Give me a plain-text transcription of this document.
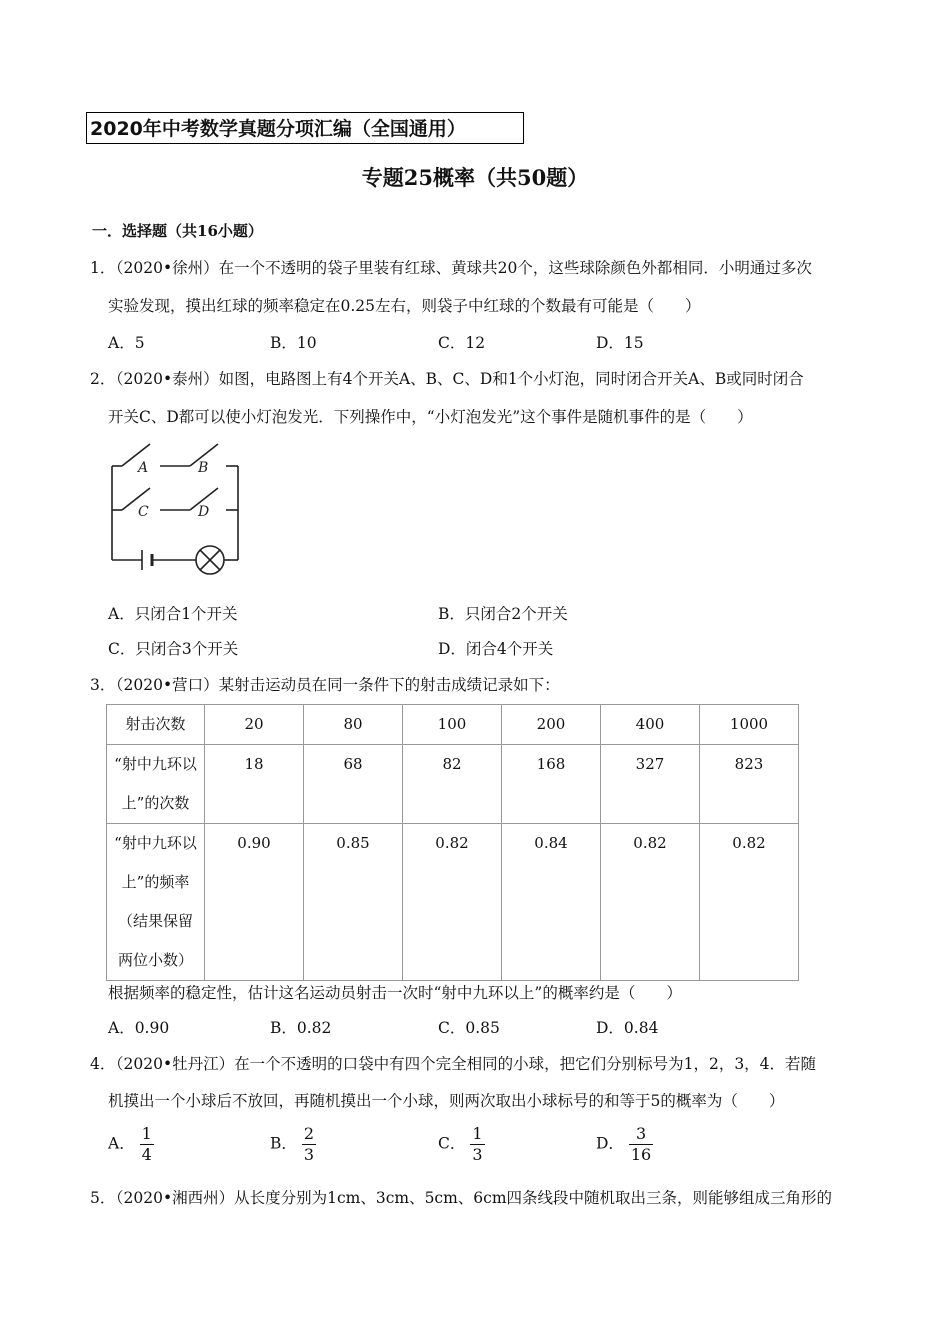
2020年中考数学真题分项汇编（全国通用）
专题25概率（共50题）
一．选择题（共16小题）
1．（2020•徐州）在一个不透明的袋子里装有红球、黄球共20个，这些球除颜色外都相同．小明通过多次
实验发现，摸出红球的频率稳定在0.25左右，则袋子中红球的个数最有可能是（　　）
A．5	B．10	C．12	D．15
2．（2020•泰州）如图，电路图上有4个开关A、B、C、D和1个小灯泡，同时闭合开关A、B或同时闭合
开关C、D都可以使小灯泡发光．下列操作中，“小灯泡发光”这个事件是随机事件的是（　　）
A	B
C	D
A．只闭合1个开关	B．只闭合2个开关
C．只闭合3个开关	D．闭合4个开关
3．（2020•营口）某射击运动员在同一条件下的射击成绩记录如下：
射击次数	20	80	100	200	400	1000

“射中九环以
上”的次数	18	68	82	168	327	823

“射中九环以
上”的频率
（结果保留
两位小数）	0.90	0.85	0.82	0.84	0.82	0.82
根据频率的稳定性，估计这名运动员射击一次时“射中九环以上”的概率约是（　　）
A．0.90	B．0.82	C．0.85	D．0.84
4．（2020•牡丹江）在一个不透明的口袋中有四个完全相同的小球，把它们分别标号为1，2，3，4．若随
机摸出一个小球后不放回，再随机摸出一个小球，则两次取出小球标号的和等于5的概率为（　　）
A． $\frac{1}{4}$	B． $\frac{2}{3}$	C． $\frac{1}{3}$	D． $\frac{3}{16}$
5．（2020•湘西州）从长度分别为1cm、3cm、5cm、6cm四条线段中随机取出三条，则能够组成三角形的
